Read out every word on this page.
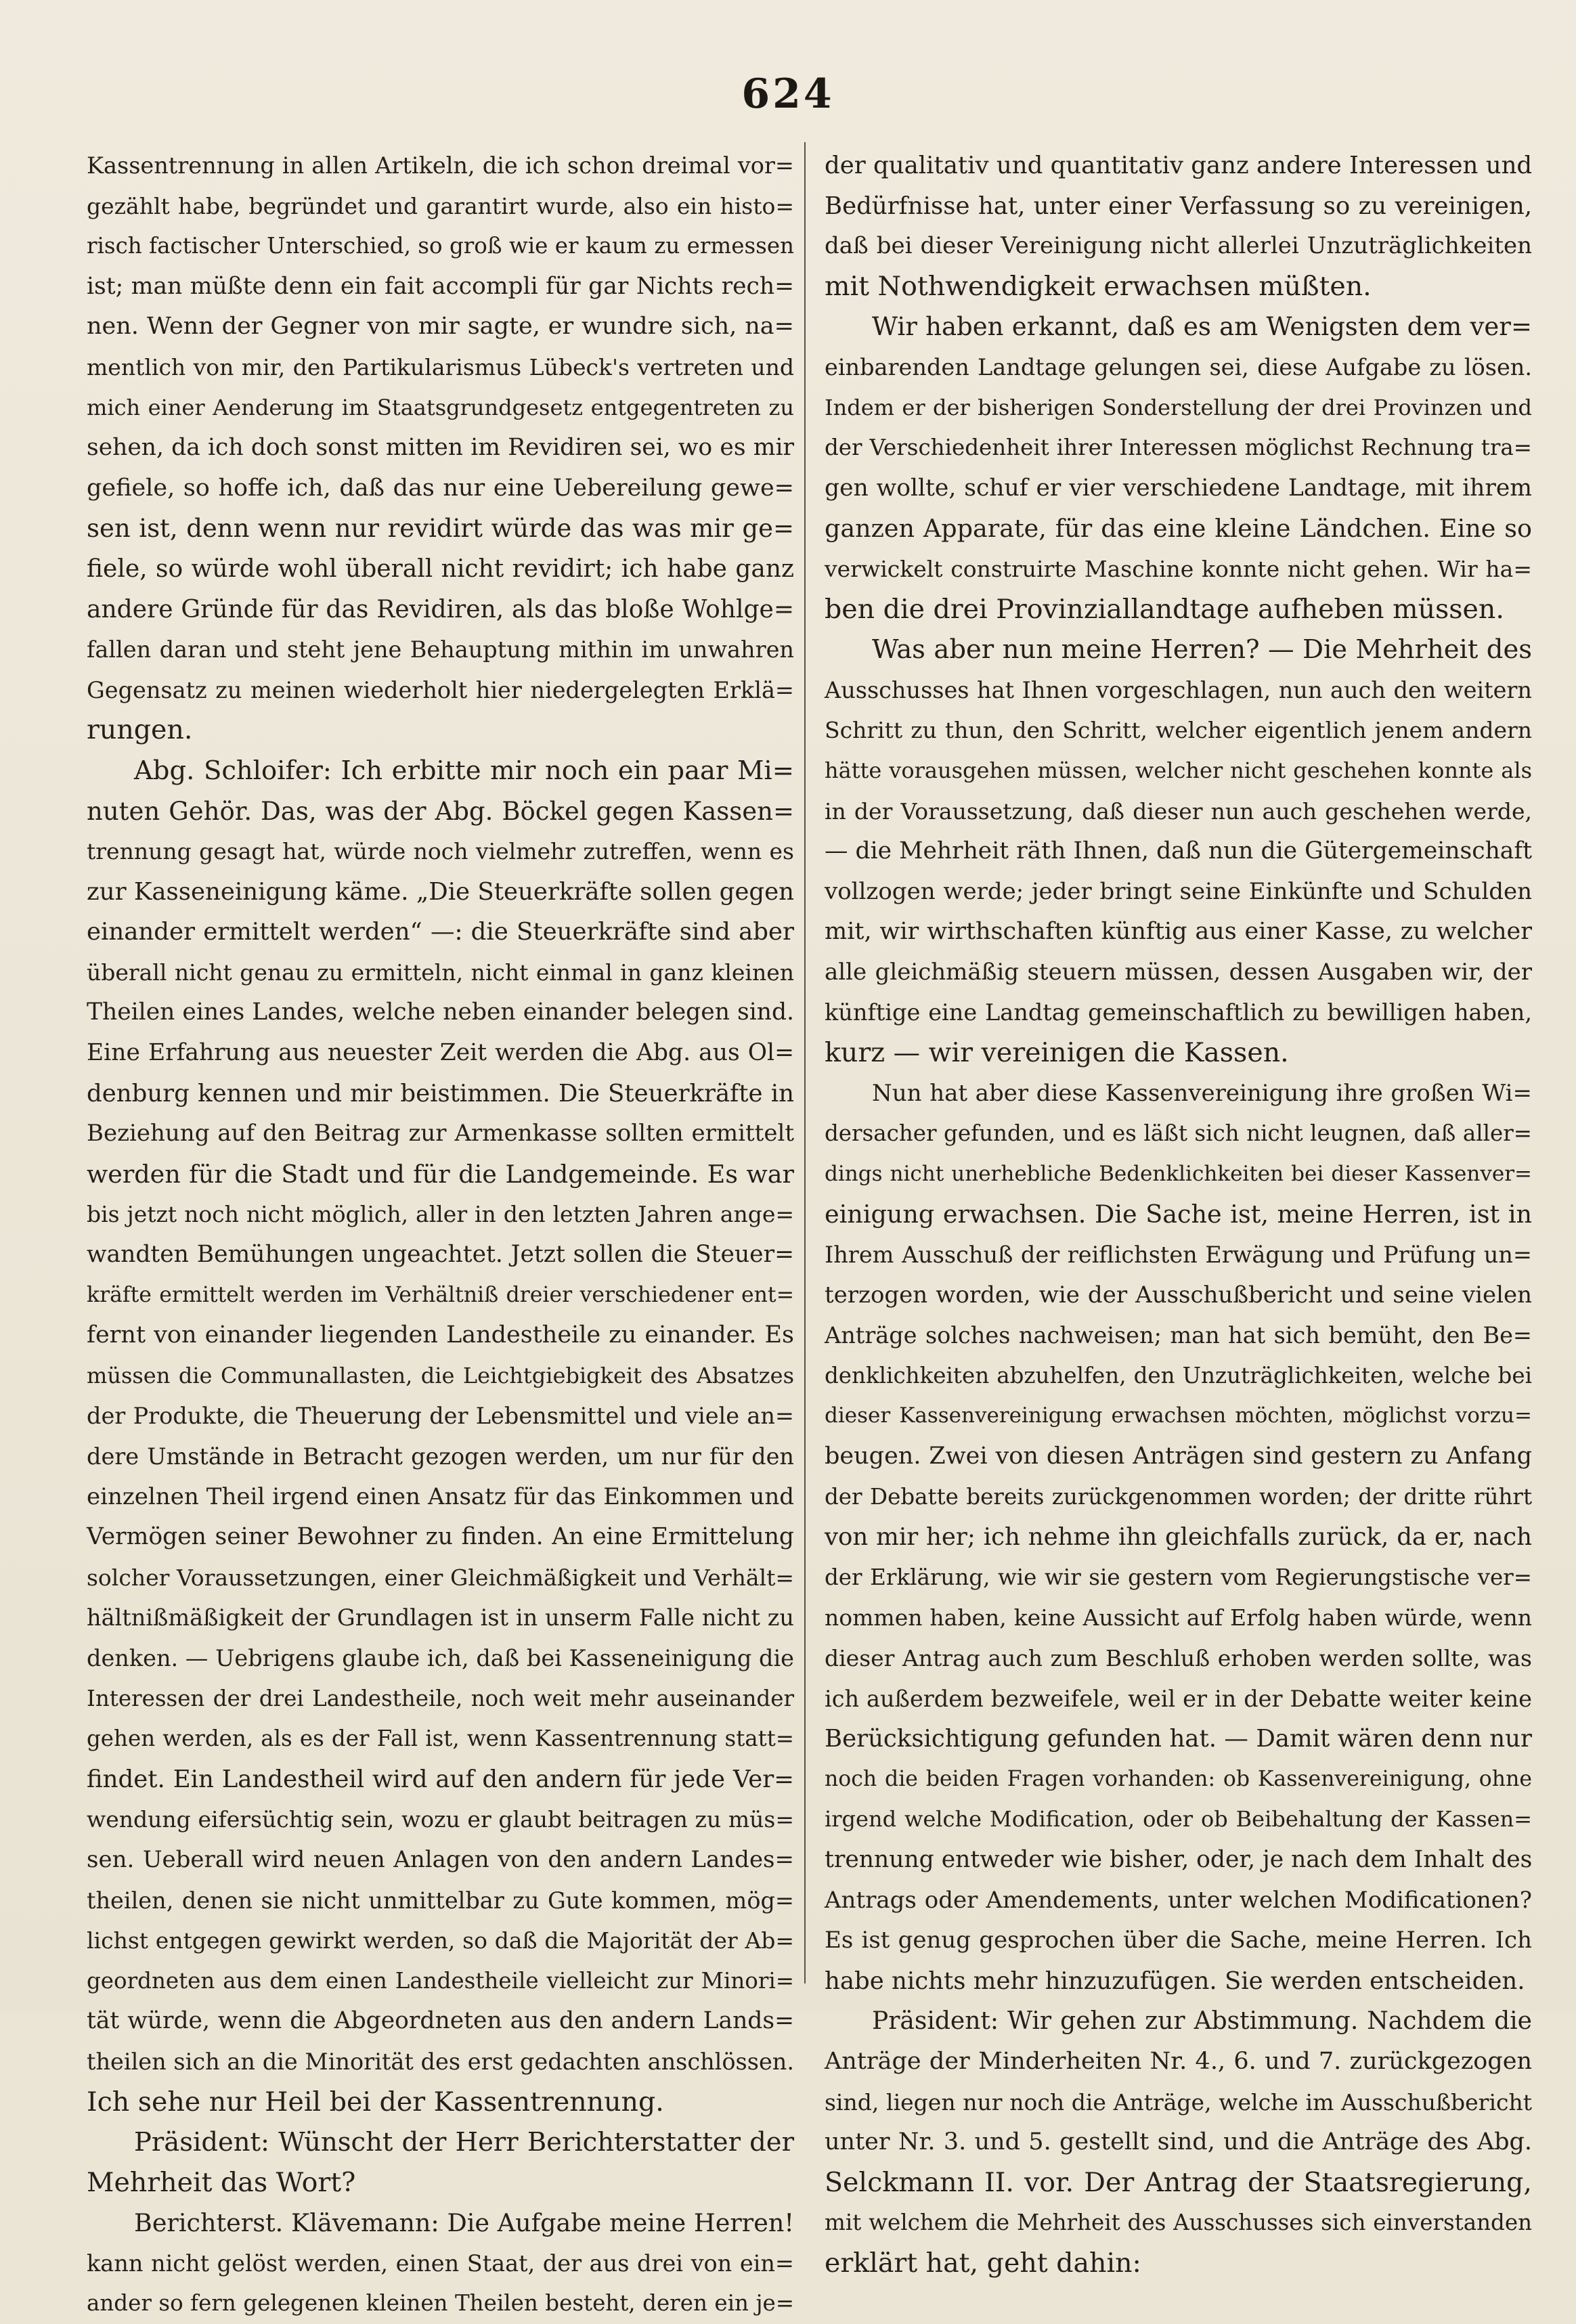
624
Kassentrennung in allen Artikeln, die ich schon dreimal vor=
gezählt habe, begründet und garantirt wurde, also ein histo=
risch factischer Unterschied, so groß wie er kaum zu ermessen
ist; man müßte denn ein fait accompli für gar Nichts rech=
nen. Wenn der Gegner von mir sagte, er wundre sich, na=
mentlich von mir, den Partikularismus Lübeck's vertreten und
mich einer Aenderung im Staatsgrundgesetz entgegentreten zu
sehen, da ich doch sonst mitten im Revidiren sei, wo es mir
gefiele, so hoffe ich, daß das nur eine Uebereilung gewe=
sen ist, denn wenn nur revidirt würde das was mir ge=
fiele, so würde wohl überall nicht revidirt; ich habe ganz
andere Gründe für das Revidiren, als das bloße Wohlge=
fallen daran und steht jene Behauptung mithin im unwahren
Gegensatz zu meinen wiederholt hier niedergelegten Erklä=
rungen.
Abg. Schloifer: Ich erbitte mir noch ein paar Mi=
nuten Gehör. Das, was der Abg. Böckel gegen Kassen=
trennung gesagt hat, würde noch vielmehr zutreffen, wenn es
zur Kasseneinigung käme. „Die Steuerkräfte sollen gegen
einander ermittelt werden“ —: die Steuerkräfte sind aber
überall nicht genau zu ermitteln, nicht einmal in ganz kleinen
Theilen eines Landes, welche neben einander belegen sind.
Eine Erfahrung aus neuester Zeit werden die Abg. aus Ol=
denburg kennen und mir beistimmen. Die Steuerkräfte in
Beziehung auf den Beitrag zur Armenkasse sollten ermittelt
werden für die Stadt und für die Landgemeinde. Es war
bis jetzt noch nicht möglich, aller in den letzten Jahren ange=
wandten Bemühungen ungeachtet. Jetzt sollen die Steuer=
kräfte ermittelt werden im Verhältniß dreier verschiedener ent=
fernt von einander liegenden Landestheile zu einander. Es
müssen die Communallasten, die Leichtgiebigkeit des Absatzes
der Produkte, die Theuerung der Lebensmittel und viele an=
dere Umstände in Betracht gezogen werden, um nur für den
einzelnen Theil irgend einen Ansatz für das Einkommen und
Vermögen seiner Bewohner zu finden. An eine Ermittelung
solcher Voraussetzungen, einer Gleichmäßigkeit und Verhält=
hältnißmäßigkeit der Grundlagen ist in unserm Falle nicht zu
denken. — Uebrigens glaube ich, daß bei Kasseneinigung die
Interessen der drei Landestheile, noch weit mehr auseinander
gehen werden, als es der Fall ist, wenn Kassentrennung statt=
findet. Ein Landestheil wird auf den andern für jede Ver=
wendung eifersüchtig sein, wozu er glaubt beitragen zu müs=
sen. Ueberall wird neuen Anlagen von den andern Landes=
theilen, denen sie nicht unmittelbar zu Gute kommen, mög=
lichst entgegen gewirkt werden, so daß die Majorität der Ab=
geordneten aus dem einen Landestheile vielleicht zur Minori=
tät würde, wenn die Abgeordneten aus den andern Lands=
theilen sich an die Minorität des erst gedachten anschlössen.
Ich sehe nur Heil bei der Kassentrennung.
Präsident: Wünscht der Herr Berichterstatter der
Mehrheit das Wort?
Berichterst. Klävemann: Die Aufgabe meine Herren!
kann nicht gelöst werden, einen Staat, der aus drei von ein=
ander so fern gelegenen kleinen Theilen besteht, deren ein je=
der qualitativ und quantitativ ganz andere Interessen und
Bedürfnisse hat, unter einer Verfassung so zu vereinigen,
daß bei dieser Vereinigung nicht allerlei Unzuträglichkeiten
mit Nothwendigkeit erwachsen müßten.
Wir haben erkannt, daß es am Wenigsten dem ver=
einbarenden Landtage gelungen sei, diese Aufgabe zu lösen.
Indem er der bisherigen Sonderstellung der drei Provinzen und
der Verschiedenheit ihrer Interessen möglichst Rechnung tra=
gen wollte, schuf er vier verschiedene Landtage, mit ihrem
ganzen Apparate, für das eine kleine Ländchen. Eine so
verwickelt construirte Maschine konnte nicht gehen. Wir ha=
ben die drei Provinziallandtage aufheben müssen.
Was aber nun meine Herren? — Die Mehrheit des
Ausschusses hat Ihnen vorgeschlagen, nun auch den weitern
Schritt zu thun, den Schritt, welcher eigentlich jenem andern
hätte vorausgehen müssen, welcher nicht geschehen konnte als
in der Voraussetzung, daß dieser nun auch geschehen werde,
— die Mehrheit räth Ihnen, daß nun die Gütergemeinschaft
vollzogen werde; jeder bringt seine Einkünfte und Schulden
mit, wir wirthschaften künftig aus einer Kasse, zu welcher
alle gleichmäßig steuern müssen, dessen Ausgaben wir, der
künftige eine Landtag gemeinschaftlich zu bewilligen haben,
kurz — wir vereinigen die Kassen.
Nun hat aber diese Kassenvereinigung ihre großen Wi=
dersacher gefunden, und es läßt sich nicht leugnen, daß aller=
dings nicht unerhebliche Bedenklichkeiten bei dieser Kassenver=
einigung erwachsen. Die Sache ist, meine Herren, ist in
Ihrem Ausschuß der reiflichsten Erwägung und Prüfung un=
terzogen worden, wie der Ausschußbericht und seine vielen
Anträge solches nachweisen; man hat sich bemüht, den Be=
denklichkeiten abzuhelfen, den Unzuträglichkeiten, welche bei
dieser Kassenvereinigung erwachsen möchten, möglichst vorzu=
beugen. Zwei von diesen Anträgen sind gestern zu Anfang
der Debatte bereits zurückgenommen worden; der dritte rührt
von mir her; ich nehme ihn gleichfalls zurück, da er, nach
der Erklärung, wie wir sie gestern vom Regierungstische ver=
nommen haben, keine Aussicht auf Erfolg haben würde, wenn
dieser Antrag auch zum Beschluß erhoben werden sollte, was
ich außerdem bezweifele, weil er in der Debatte weiter keine
Berücksichtigung gefunden hat. — Damit wären denn nur
noch die beiden Fragen vorhanden: ob Kassenvereinigung, ohne
irgend welche Modification, oder ob Beibehaltung der Kassen=
trennung entweder wie bisher, oder, je nach dem Inhalt des
Antrags oder Amendements, unter welchen Modificationen?
Es ist genug gesprochen über die Sache, meine Herren. Ich
habe nichts mehr hinzuzufügen. Sie werden entscheiden.
Präsident: Wir gehen zur Abstimmung. Nachdem die
Anträge der Minderheiten Nr. 4., 6. und 7. zurückgezogen
sind, liegen nur noch die Anträge, welche im Ausschußbericht
unter Nr. 3. und 5. gestellt sind, und die Anträge des Abg.
Selckmann II. vor. Der Antrag der Staatsregierung,
mit welchem die Mehrheit des Ausschusses sich einverstanden
erklärt hat, geht dahin:
